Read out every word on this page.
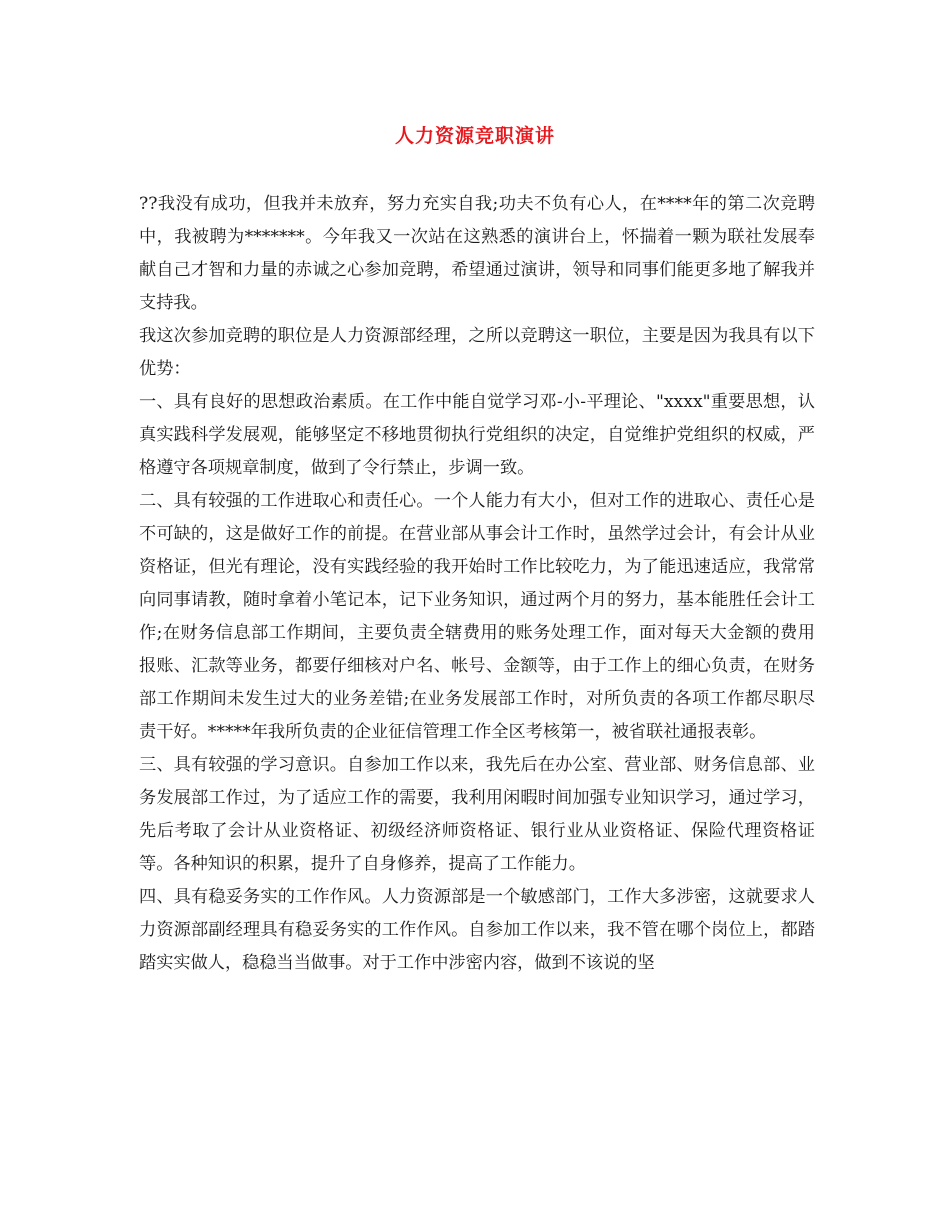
人力资源竞职演讲

??我没有成功，但我并未放弃，努力充实自我;功夫不负有心人，在****年的第二次竞聘中，我被聘为*******。今年我又一次站在这熟悉的演讲台上，怀揣着一颗为联社发展奉献自己才智和力量的赤诚之心参加竞聘，希望通过演讲，领导和同事们能更多地了解我并支持我。

我这次参加竞聘的职位是人力资源部经理，之所以竞聘这一职位，主要是因为我具有以下优势：

一、具有良好的思想政治素质。在工作中能自觉学习邓-小-平理论、"xxxx"重要思想，认真实践科学发展观，能够坚定不移地贯彻执行党组织的决定，自觉维护党组织的权威，严格遵守各项规章制度，做到了令行禁止，步调一致。

二、具有较强的工作进取心和责任心。一个人能力有大小，但对工作的进取心、责任心是不可缺的，这是做好工作的前提。在营业部从事会计工作时，虽然学过会计，有会计从业资格证，但光有理论，没有实践经验的我开始时工作比较吃力，为了能迅速适应，我常常向同事请教，随时拿着小笔记本，记下业务知识，通过两个月的努力，基本能胜任会计工作;在财务信息部工作期间，主要负责全辖费用的账务处理工作，面对每天大金额的费用报账、汇款等业务，都要仔细核对户名、帐号、金额等，由于工作上的细心负责，在财务部工作期间未发生过大的业务差错;在业务发展部工作时，对所负责的各项工作都尽职尽责干好。*****年我所负责的企业征信管理工作全区考核第一，被省联社通报表彰。

三、具有较强的学习意识。自参加工作以来，我先后在办公室、营业部、财务信息部、业务发展部工作过，为了适应工作的需要，我利用闲暇时间加强专业知识学习，通过学习，先后考取了会计从业资格证、初级经济师资格证、银行业从业资格证、保险代理资格证等。各种知识的积累，提升了自身修养，提高了工作能力。

四、具有稳妥务实的工作作风。人力资源部是一个敏感部门，工作大多涉密，这就要求人力资源部副经理具有稳妥务实的工作作风。自参加工作以来，我不管在哪个岗位上，都踏踏实实做人，稳稳当当做事。对于工作中涉密内容，做到不该说的坚
